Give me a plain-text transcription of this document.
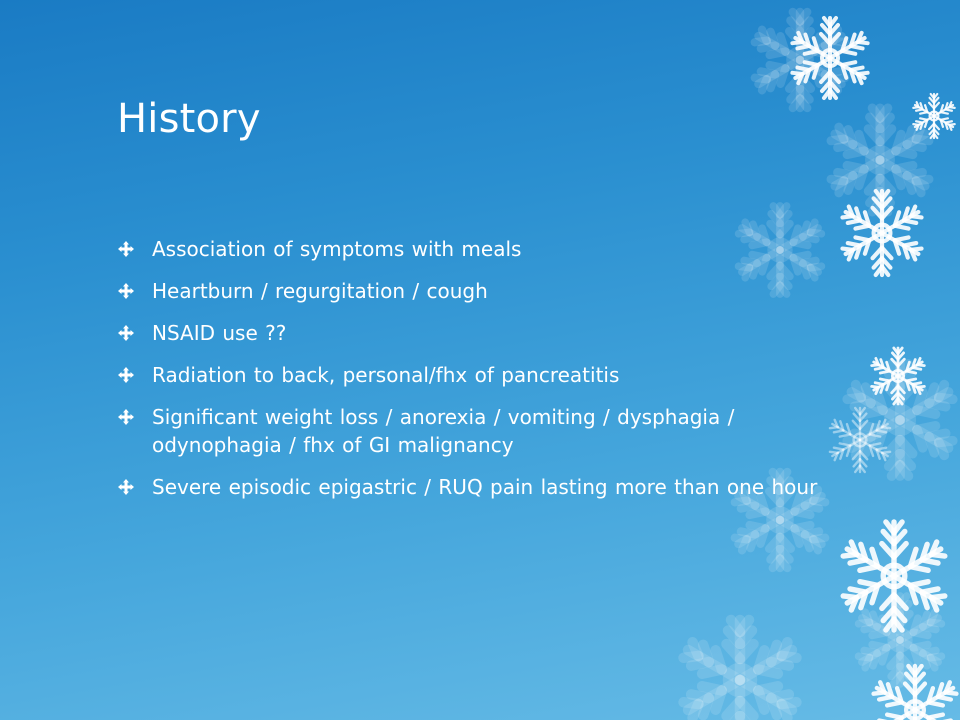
History
Association of symptoms with meals
Heartburn / regurgitation / cough
NSAID use ??
Radiation to back, personal/fhx of pancreatitis
Significant weight loss / anorexia / vomiting / dysphagia / odynophagia / fhx of GI malignancy
Severe episodic epigastric / RUQ pain lasting more than one hour
